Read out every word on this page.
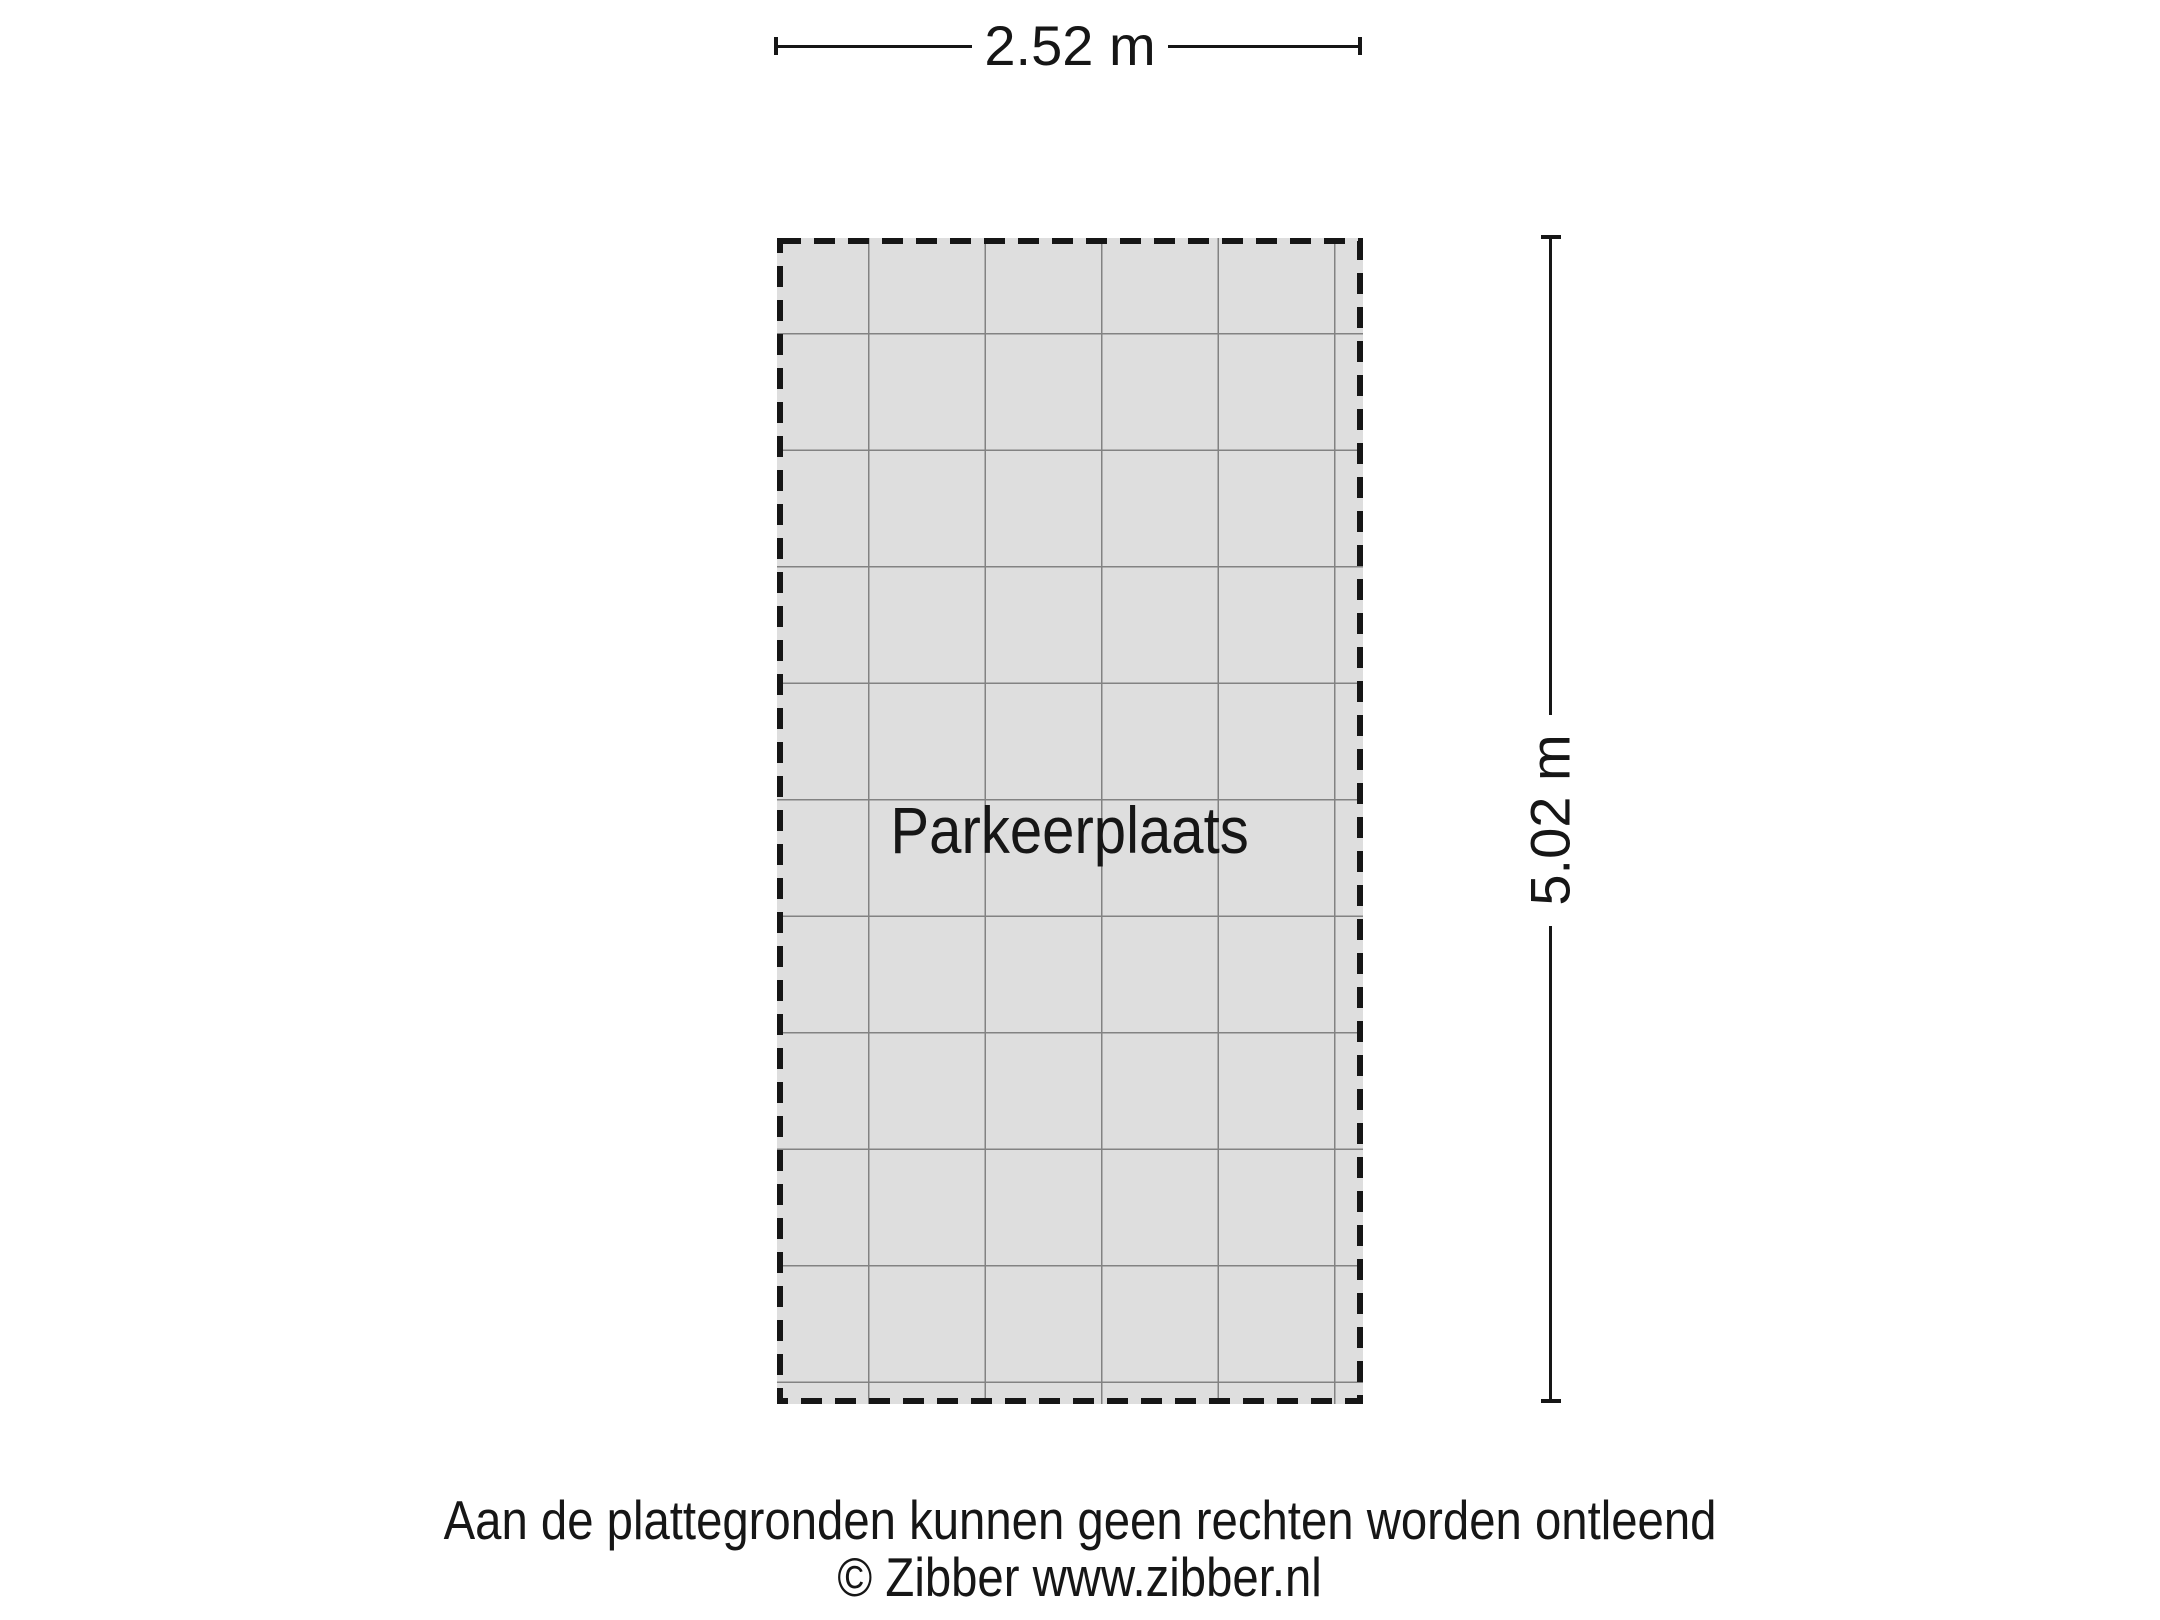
Parkeerplaats
2.52 m
5.02 m
Aan de plattegronden kunnen geen rechten worden ontleend
© Zibber www.zibber.nl
